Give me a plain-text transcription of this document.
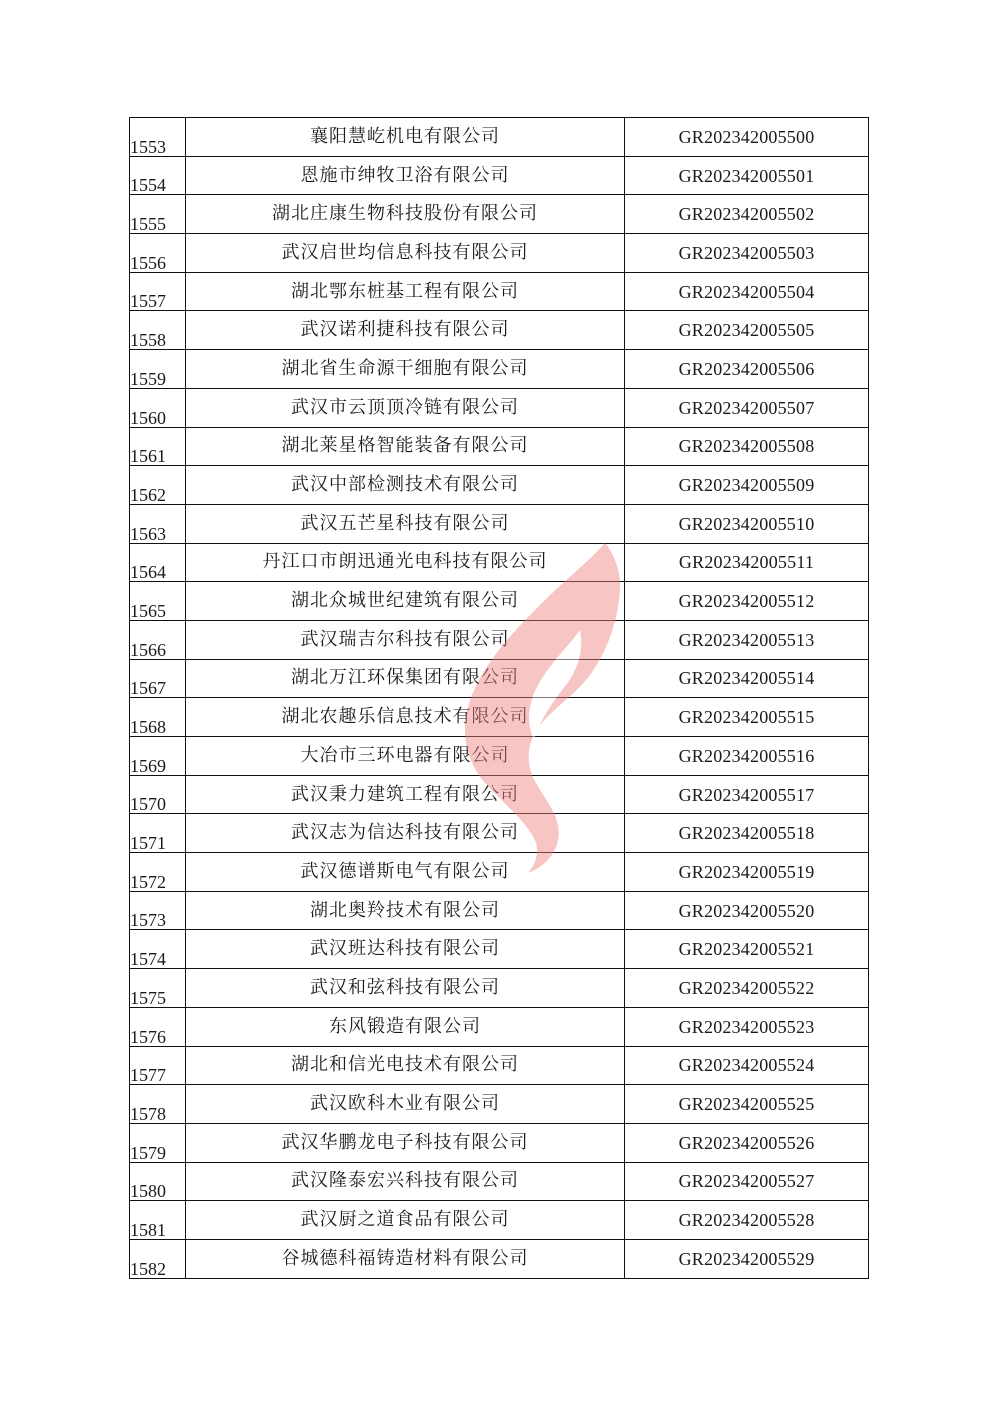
1553	襄阳慧屹机电有限公司	GR202342005500
1554	恩施市绅牧卫浴有限公司	GR202342005501
1555	湖北庄康生物科技股份有限公司	GR202342005502
1556	武汉启世均信息科技有限公司	GR202342005503
1557	湖北鄂东桩基工程有限公司	GR202342005504
1558	武汉诺利捷科技有限公司	GR202342005505
1559	湖北省生命源干细胞有限公司	GR202342005506
1560	武汉市云顶顶冷链有限公司	GR202342005507
1561	湖北莱星格智能装备有限公司	GR202342005508
1562	武汉中部检测技术有限公司	GR202342005509
1563	武汉五芒星科技有限公司	GR202342005510
1564	丹江口市朗迅通光电科技有限公司	GR202342005511
1565	湖北众城世纪建筑有限公司	GR202342005512
1566	武汉瑞吉尔科技有限公司	GR202342005513
1567	湖北万江环保集团有限公司	GR202342005514
1568	湖北农趣乐信息技术有限公司	GR202342005515
1569	大冶市三环电器有限公司	GR202342005516
1570	武汉秉力建筑工程有限公司	GR202342005517
1571	武汉志为信达科技有限公司	GR202342005518
1572	武汉德谱斯电气有限公司	GR202342005519
1573	湖北奥羚技术有限公司	GR202342005520
1574	武汉班达科技有限公司	GR202342005521
1575	武汉和弦科技有限公司	GR202342005522
1576	东风锻造有限公司	GR202342005523
1577	湖北和信光电技术有限公司	GR202342005524
1578	武汉欧科木业有限公司	GR202342005525
1579	武汉华鹏龙电子科技有限公司	GR202342005526
1580	武汉隆泰宏兴科技有限公司	GR202342005527
1581	武汉厨之道食品有限公司	GR202342005528
1582	谷城德科福铸造材料有限公司	GR202342005529
